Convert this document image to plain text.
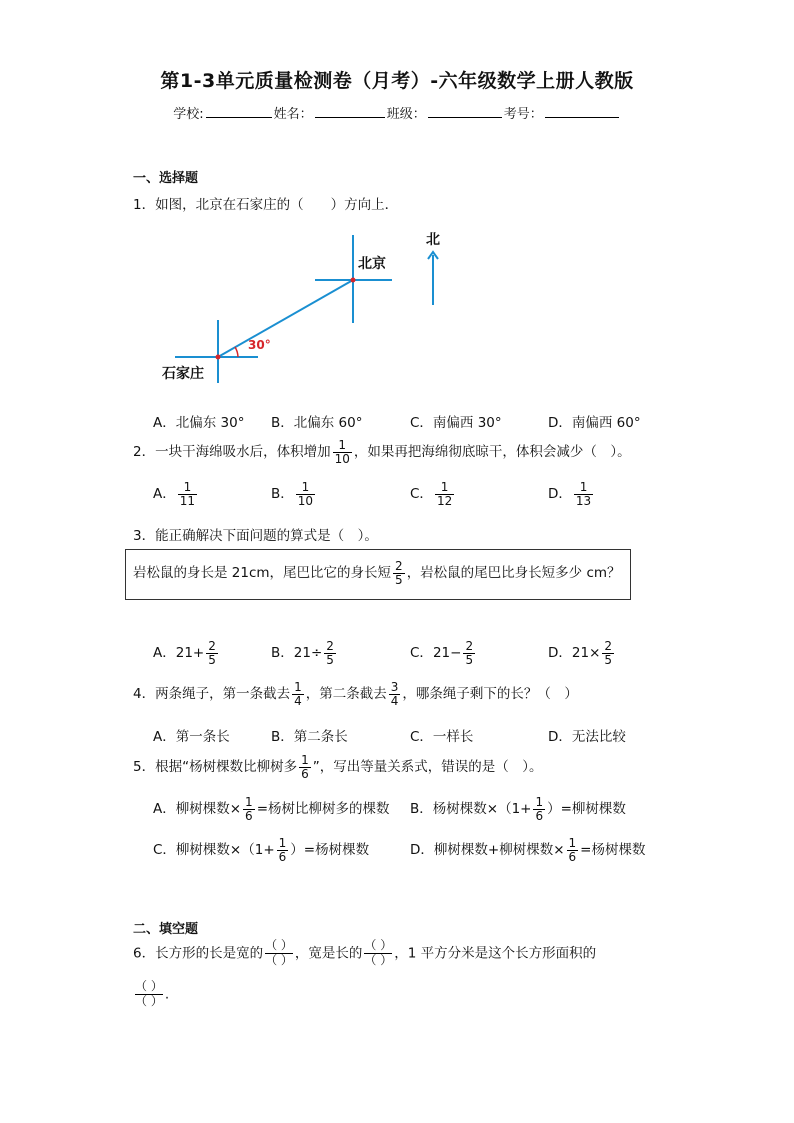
第1-3单元质量检测卷（月考）-六年级数学上册人教版
学校:	姓名：	班级：	考号：
一、选择题
1．如图，北京在石家庄的（　　）方向上．
30°
北京
石家庄
北
A．北偏东 30° B．北偏东 60°	C．南偏西 30°	D．南偏西 60°
2．一块干海绵吸水后，体积增加 $\frac{1}{10}$ ，如果再把海绵彻底晾干，体积会减少（　）。
A． $\frac{1}{11}$	B． $\frac{1}{10}$	C． $\frac{1}{12}$	D． $\frac{1}{13}$
3．能正确解决下面问题的算式是（　）。
岩松鼠的身长是 21cm，尾巴比它的身长短 $\frac{2}{5}$ ，岩松鼠的尾巴比身长短多少 cm？
A．$21+ \frac{2}{5}$	B．$21\div \frac{2}{5}$	C．$21- \frac{2}{5}$	D．$21\times \frac{2}{5}$
4．两条绳子，第一条截去 $\frac{1}{4}$ ，第二条截去 $\frac{3}{4}$ ，哪条绳子剩下的长？（　）
A．第一条长	B．第二条长	C．一样长	D．无法比较
5．根据“杨树棵数比柳树多 $\frac{1}{6}$ ”，写出等量关系式，错误的是（　）。
A．柳树棵数× $\frac{1}{6}$ =杨树比柳树多的棵数 B．杨树棵数$\times(1+ \frac{1}{6}$ ）=柳树棵数
C．柳树棵数$\times(1+ \frac{1}{6}$ ）=杨树棵数	D．柳树棵数+柳树棵数× $\frac{1}{6}$ =杨树棵数
二、填空题
6．长方形的长是宽的
（ ）
（ ） ，宽是长的
（ ）
（ ） ，1 平方分米是这个长方形面积的
（ ）
（ ） .
